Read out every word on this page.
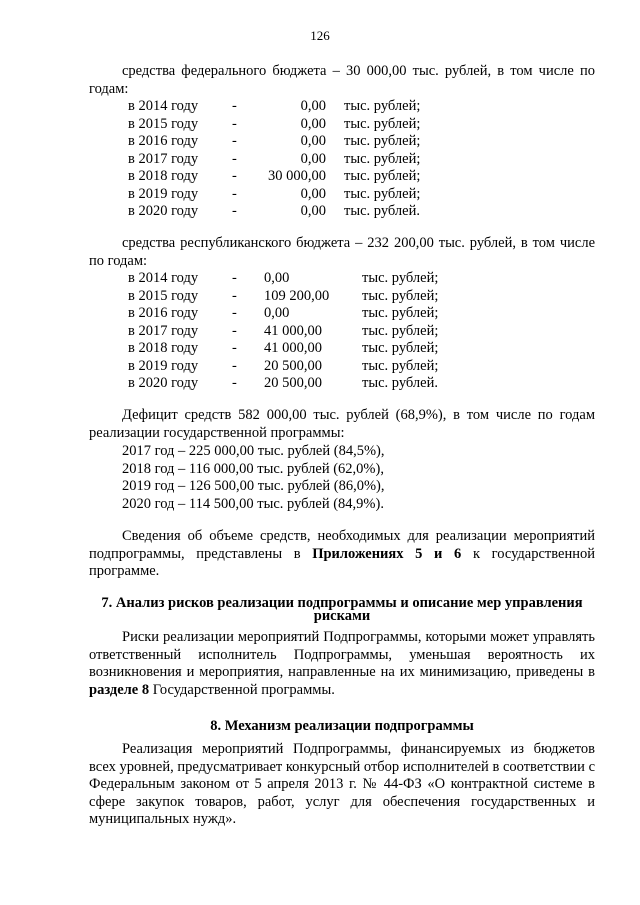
126
средства федерального бюджета – 30 000,00 тыс. рублей, в том числе по годам:
в 2014 году -	0,00 тыс. рублей;
в 2015 году -	0,00 тыс. рублей;
в 2016 году -	0,00 тыс. рублей;
в 2017 году -	0,00 тыс. рублей;
в 2018 году - 30 000,00 тыс. рублей;
в 2019 году -	0,00 тыс. рублей;
в 2020 году -	0,00 тыс. рублей.
средства республиканского бюджета – 232 200,00 тыс. рублей, в том числе по годам:
в 2014 году - 0,00	тыс. рублей;
в 2015 году - 109 200,00 тыс. рублей;
в 2016 году - 0,00	тыс. рублей;
в 2017 году - 41 000,00	тыс. рублей;
в 2018 году - 41 000,00	тыс. рублей;
в 2019 году - 20 500,00	тыс. рублей;
в 2020 году - 20 500,00	тыс. рублей.
Дефицит средств 582 000,00 тыс. рублей (68,9%), в том числе по годам реализации государственной программы:
2017 год – 225 000,00 тыс. рублей (84,5%),
2018 год – 116 000,00 тыс. рублей (62,0%),
2019 год – 126 500,00 тыс. рублей (86,0%),
2020 год – 114 500,00 тыс. рублей (84,9%).
Сведения об объеме средств, необходимых для реализации мероприятий подпрограммы, представлены в Приложениях 5 и 6 к государственной программе.
7. Анализ рисков реализации подпрограммы и описание мер управления
рисками
Риски реализации мероприятий Подпрограммы, которыми может управлять ответственный исполнитель Подпрограммы, уменьшая вероятность их возникновения и мероприятия, направленные на их минимизацию, приведены в разделе 8 Государственной программы.
8. Механизм реализации подпрограммы
Реализация мероприятий Подпрограммы, финансируемых из бюджетов всех уровней, предусматривает конкурсный отбор исполнителей в соответствии с Федеральным законом от 5 апреля 2013 г. № 44-ФЗ «О контрактной системе в сфере закупок товаров, работ, услуг для обеспечения государственных и муниципальных нужд».
